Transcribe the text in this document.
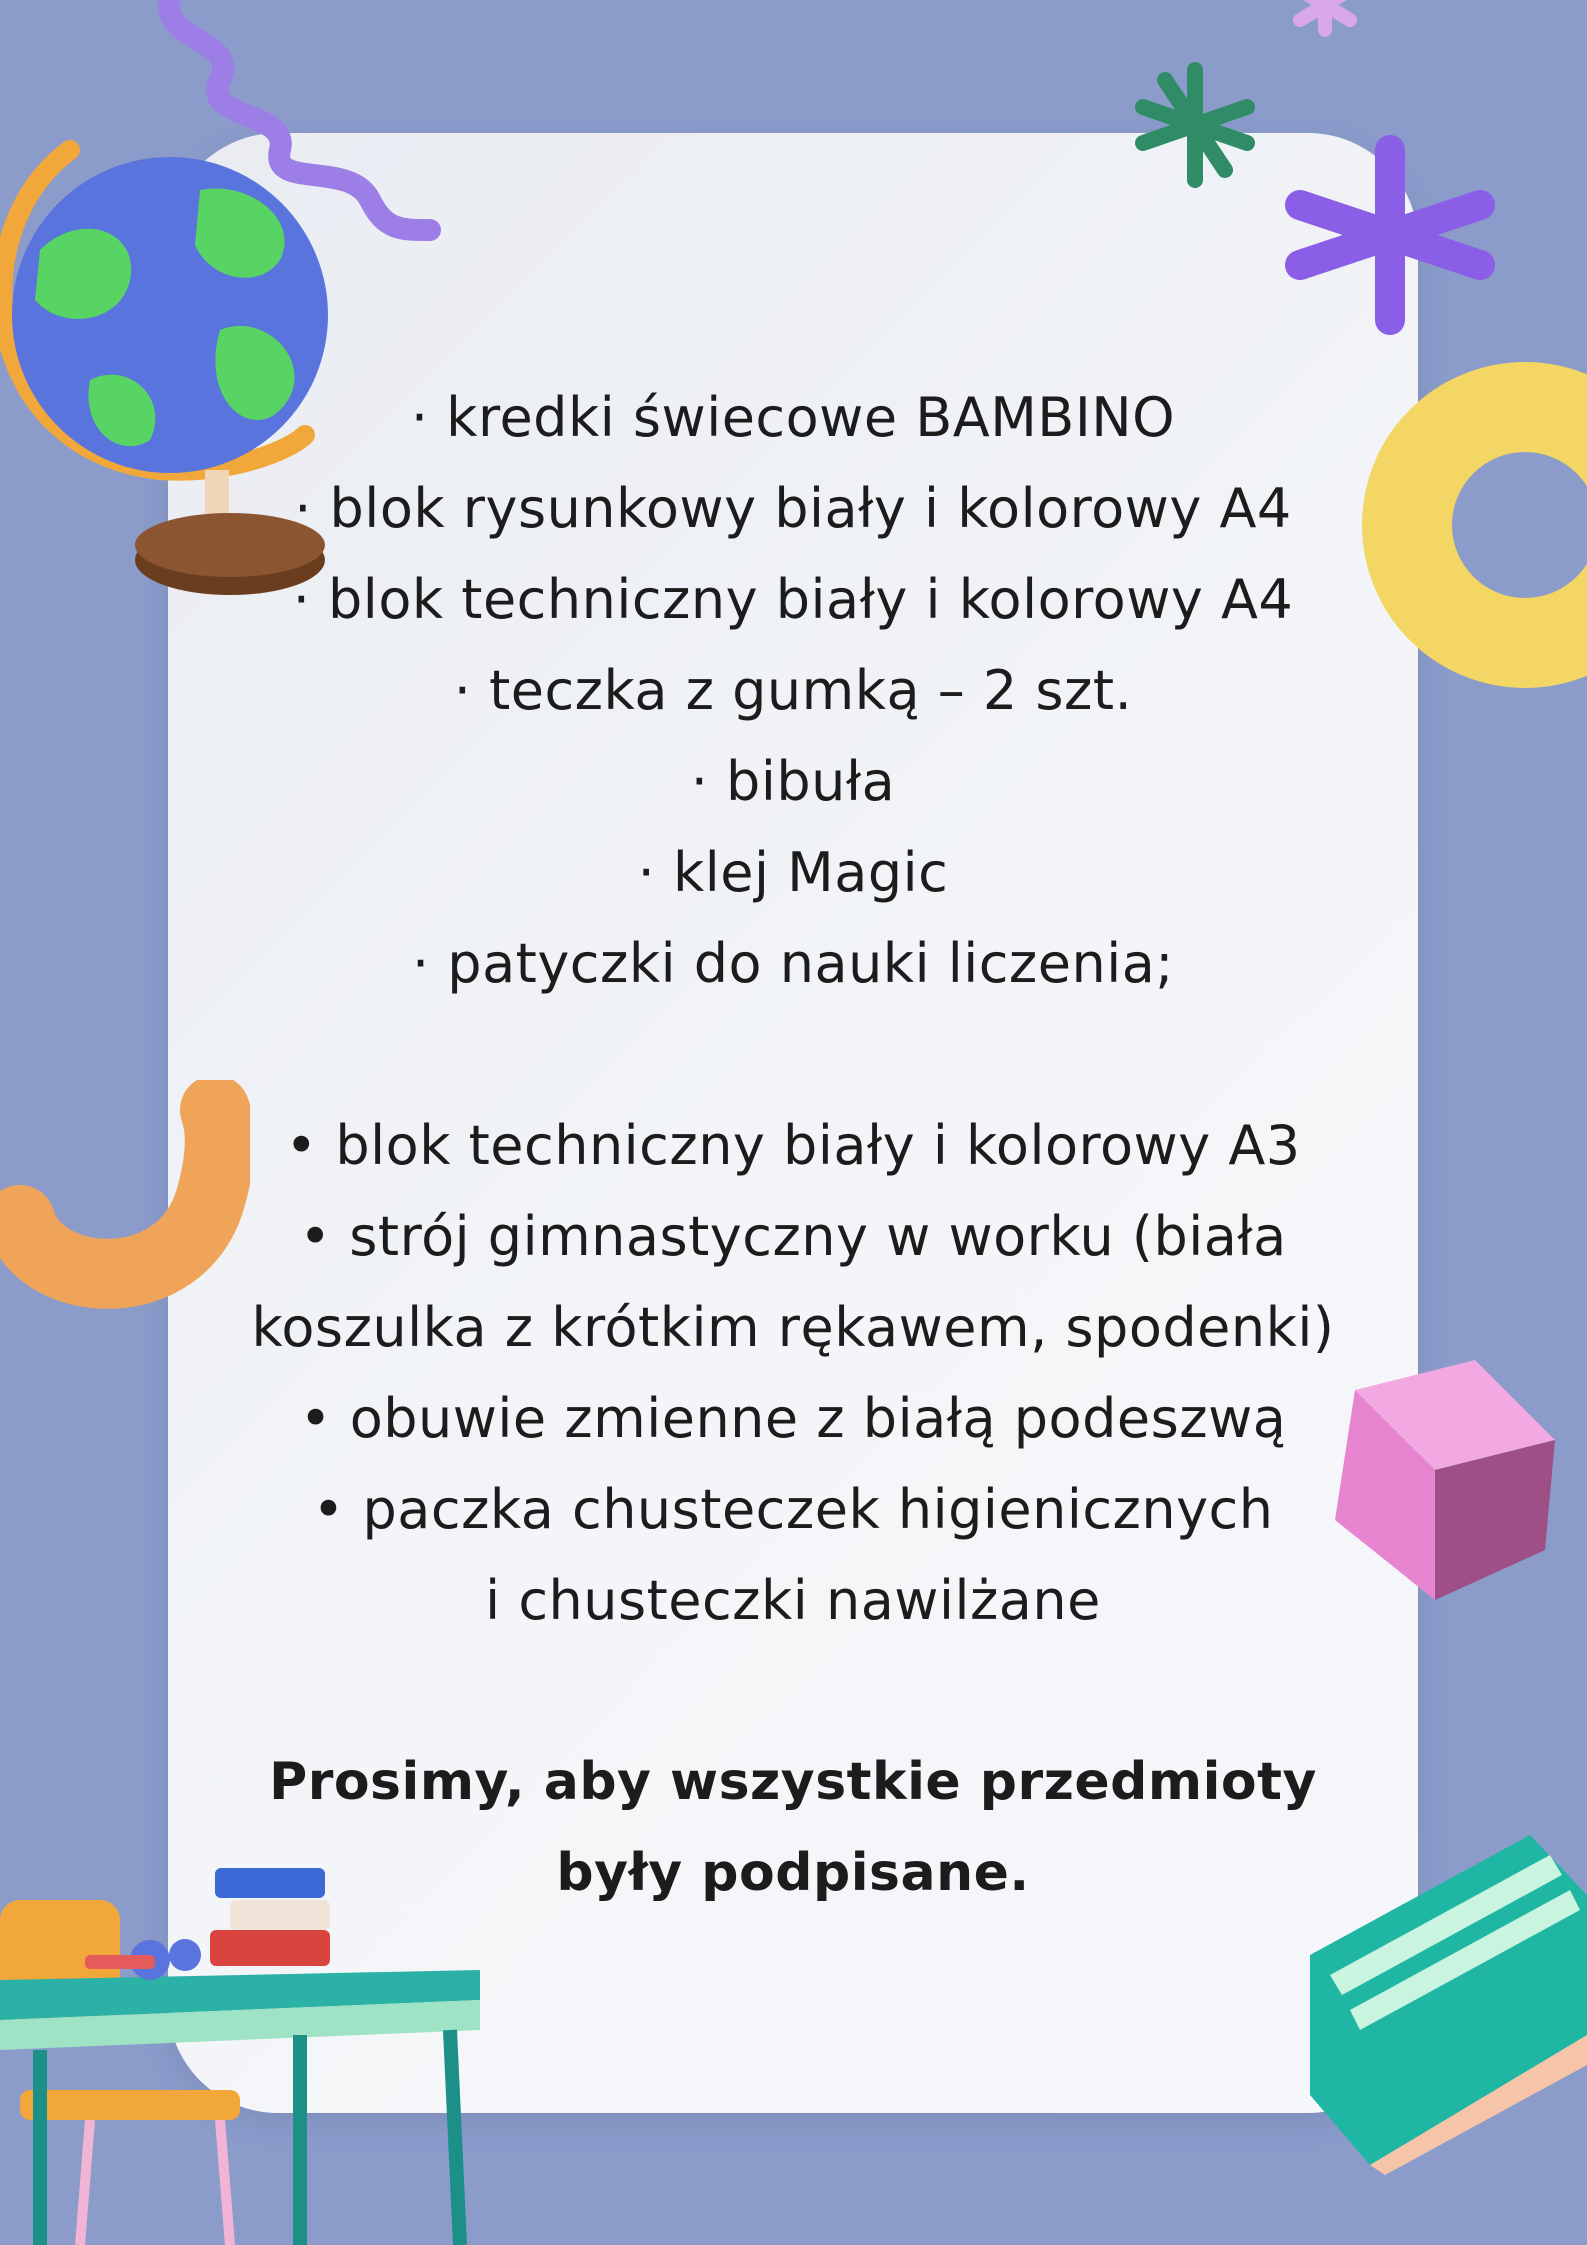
· kredki świecowe BAMBINO
· blok rysunkowy biały i kolorowy A4
· blok techniczny biały i kolorowy A4
· teczka z gumką – 2 szt.
· bibuła
· klej Magic
· patyczki do nauki liczenia;
• blok techniczny biały i kolorowy A3
• strój gimnastyczny w worku (biała
koszulka z krótkim rękawem, spodenki)
• obuwie zmienne z białą podeszwą
• paczka chusteczek higienicznych
i chusteczki nawilżane
Prosimy, aby wszystkie przedmioty
były podpisane.
